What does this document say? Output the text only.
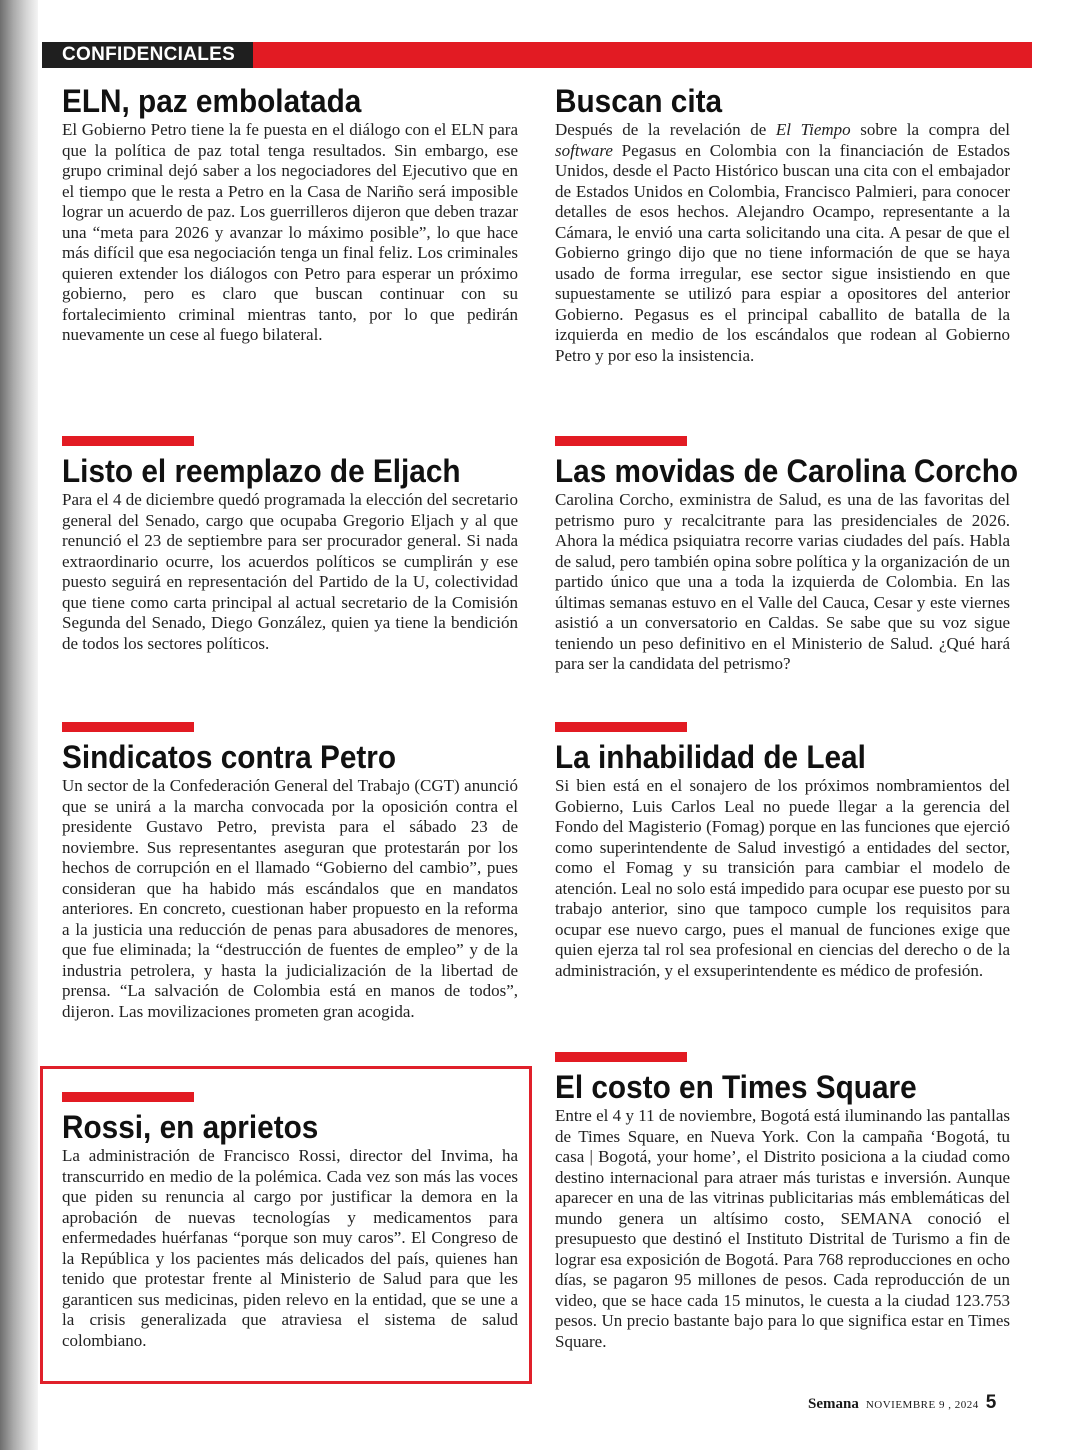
CONFIDENCIALES
ELN, paz embolatada

El Gobierno Petro tiene la fe puesta en el diálogo con el ELN para que la política de paz total tenga resultados. Sin embargo, ese grupo criminal dejó saber a los negociadores del Ejecutivo que en el tiempo que le resta a Petro en la Casa de Nariño será imposible lograr un acuerdo de paz. Los guerrilleros dijeron que deben trazar una “meta para 2026 y avanzar lo máximo posible”, lo que hace más difícil que esa negociación tenga un final feliz. Los criminales quieren extender los diálogos con Petro para esperar un próximo gobierno, pero es claro que buscan continuar con su fortalecimiento criminal mientras tanto, por lo que pedirán nuevamente un cese al fuego bilateral.

Listo el reemplazo de Eljach

Para el 4 de diciembre quedó programada la elección del secretario general del Senado, cargo que ocupaba Gregorio Eljach y al que renunció el 23 de septiembre para ser procurador general. Si nada extraordinario ocurre, los acuerdos políticos se cumplirán y ese puesto seguirá en representación del Partido de la U, colectividad que tiene como carta principal al actual secretario de la Comisión Segunda del Senado, Diego González, quien ya tiene la bendición de todos los sectores políticos.

Sindicatos contra Petro

Un sector de la Confederación General del Trabajo (CGT) anunció que se unirá a la marcha convocada por la oposición contra el presidente Gustavo Petro, prevista para el sábado 23 de noviembre. Sus representantes aseguran que protestarán por los hechos de corrupción en el llamado “Gobierno del cambio”, pues consideran que ha habido más escándalos que en mandatos anteriores. En concreto, cuestionan haber propuesto en la reforma a la justicia una reducción de penas para abusadores de menores, que fue eliminada; la “destrucción de fuentes de empleo” y de la industria petrolera, y hasta la judicialización de la libertad de prensa. “La salvación de Colombia está en manos de todos”, dijeron. Las movilizaciones prometen gran acogida.

Rossi, en aprietos

La administración de Francisco Rossi, director del Invima, ha transcurrido en medio de la polémica. Cada vez son más las voces que piden su renuncia al cargo por justificar la demora en la aprobación de nuevas tecnologías y medicamentos para enfermedades huérfanas “porque son muy caros”. El Congreso de la República y los pacientes más delicados del país, quienes han tenido que protestar frente al Ministerio de Salud para que les garanticen sus medicinas, piden relevo en la entidad, que se une a la crisis generalizada que atraviesa el sistema de salud colombiano.

Buscan cita

Después de la revelación de El Tiempo sobre la compra del software Pegasus en Colombia con la financiación de Estados Unidos, desde el Pacto Histórico buscan una cita con el embajador de Estados Unidos en Colombia, Francisco Palmieri, para conocer detalles de esos hechos. Alejandro Ocampo, representante a la Cámara, le envió una carta solicitando una cita. A pesar de que el Gobierno gringo dijo que no tiene información de que se haya usado de forma irregular, ese sector sigue insistiendo en que supuestamente se utilizó para espiar a opositores del anterior Gobierno. Pegasus es el principal caballito de batalla de la izquierda en medio de los escándalos que rodean al Gobierno Petro y por eso la insistencia.

Las movidas de Carolina Corcho

Carolina Corcho, exministra de Salud, es una de las favoritas del petrismo puro y recalcitrante para las presidenciales de 2026. Ahora la médica psiquiatra recorre varias ciudades del país. Habla de salud, pero también opina sobre política y la organización de un partido único que una a toda la izquierda de Colombia. En las últimas semanas estuvo en el Valle del Cauca, Cesar y este viernes asistió a un conversatorio en Caldas. Se sabe que su voz sigue teniendo un peso definitivo en el Ministerio de Salud. ¿Qué hará para ser la candidata del petrismo?

La inhabilidad de Leal

Si bien está en el sonajero de los próximos nombramientos del Gobierno, Luis Carlos Leal no puede llegar a la gerencia del Fondo del Magisterio (Fomag) porque en las funciones que ejerció como superintendente de Salud investigó a entidades del sector, como el Fomag y su transición para cambiar el modelo de atención. Leal no solo está impedido para ocupar ese puesto por su trabajo anterior, sino que tampoco cumple los requisitos para ocupar ese nuevo cargo, pues el manual de funciones exige que quien ejerza tal rol sea profesional en ciencias del derecho o de la administración, y el exsuperintendente es médico de profesión.

El costo en Times Square

Entre el 4 y 11 de noviembre, Bogotá está iluminando las pantallas de Times Square, en Nueva York. Con la campaña ‘Bogotá, tu casa | Bogotá, your home’, el Distrito posiciona a la ciudad como destino internacional para atraer más turistas e inversión. Aunque aparecer en una de las vitrinas publicitarias más emblemáticas del mundo genera un altísimo costo, SEMANA conoció el presupuesto que destinó el Instituto Distrital de Turismo a fin de lograr esa exposición de Bogotá. Para 768 reproducciones en ocho días, se pagaron 95 millones de pesos. Cada reproducción de un video, que se hace cada 15 minutos, le cuesta a la ciudad 123.753 pesos. Un precio bastante bajo para lo que significa estar en Times Square.

Semana NOVIEMBRE 9 , 2024 5
